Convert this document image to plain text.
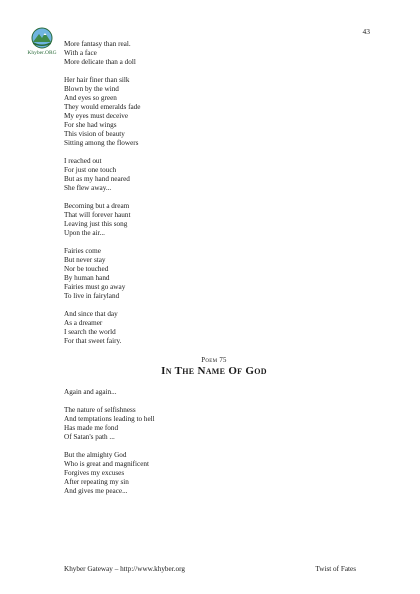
43
Khyber.ORG
More fantasy than real.
With a face
More delicate than a doll
Her hair finer than silk
Blown by the wind
And eyes so green
They would emeralds fade
My eyes must deceive
For she had wings
This vision of beauty
Sitting among the flowers
I reached out
For just one touch
But as my hand neared
She flew away...
Becoming but a dream
That will forever haunt
Leaving just this song
Upon the air...
Fairies come
But never stay
Nor be touched
By human hand
Fairies must go away
To live in fairyland
And since that day
As a dreamer
I search the world
For that sweet fairy.
Poem 75
In The Name Of God
Again and again...
The nature of selfishness
And temptations leading to hell
Has made me fond
Of Satan's path ...
But the almighty God
Who is great and magnificent
Forgives my excuses
After repeating my sin
And gives me peace...
Khyber Gateway – http://www.khyber.org	Twist of Fates
